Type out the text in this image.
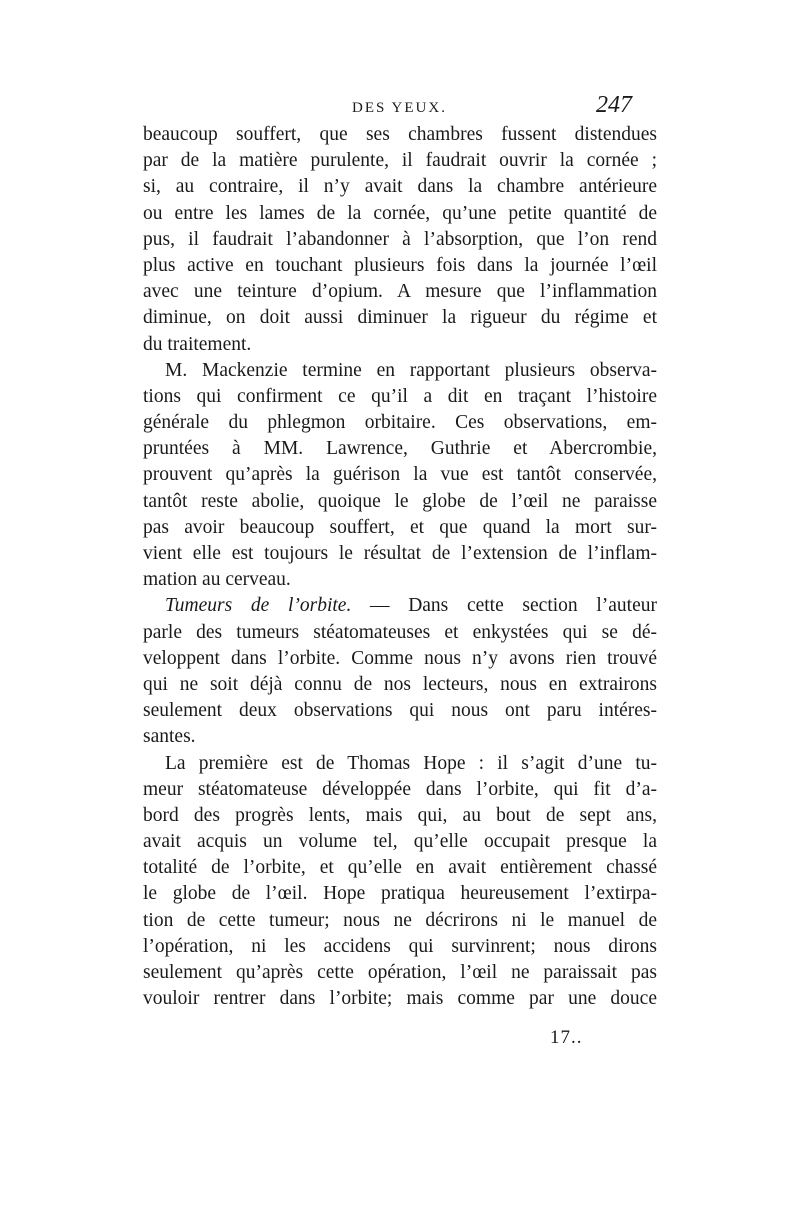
DES YEUX.	247
beaucoup souffert, que ses chambres fussent distendues
par de la matière purulente, il faudrait ouvrir la cornée ;
si, au contraire, il n’y avait dans la chambre antérieure
ou entre les lames de la cornée, qu’une petite quantité de
pus, il faudrait l’abandonner à l’absorption, que l’on rend
plus active en touchant plusieurs fois dans la journée l’œil
avec une teinture d’opium. A mesure que l’inflammation
diminue, on doit aussi diminuer la rigueur du régime et
du traitement.
M. Mackenzie termine en rapportant plusieurs observa-
tions qui confirment ce qu’il a dit en traçant l’histoire
générale du phlegmon orbitaire. Ces observations, em-
pruntées à MM. Lawrence, Guthrie et Abercrombie,
prouvent qu’après la guérison la vue est tantôt conservée,
tantôt reste abolie, quoique le globe de l’œil ne paraisse
pas avoir beaucoup souffert, et que quand la mort sur-
vient elle est toujours le résultat de l’extension de l’inflam-
mation au cerveau.
Tumeurs de l’orbite. — Dans cette section l’auteur
parle des tumeurs stéatomateuses et enkystées qui se dé-
veloppent dans l’orbite. Comme nous n’y avons rien trouvé
qui ne soit déjà connu de nos lecteurs, nous en extrairons
seulement deux observations qui nous ont paru intéres-
santes.
La première est de Thomas Hope : il s’agit d’une tu-
meur stéatomateuse développée dans l’orbite, qui fit d’a-
bord des progrès lents, mais qui, au bout de sept ans,
avait acquis un volume tel, qu’elle occupait presque la
totalité de l’orbite, et qu’elle en avait entièrement chassé
le globe de l’œil. Hope pratiqua heureusement l’extirpa-
tion de cette tumeur; nous ne décrirons ni le manuel de
l’opération, ni les accidens qui survinrent; nous dirons
seulement qu’après cette opération, l’œil ne paraissait pas
vouloir rentrer dans l’orbite; mais comme par une douce
17..
